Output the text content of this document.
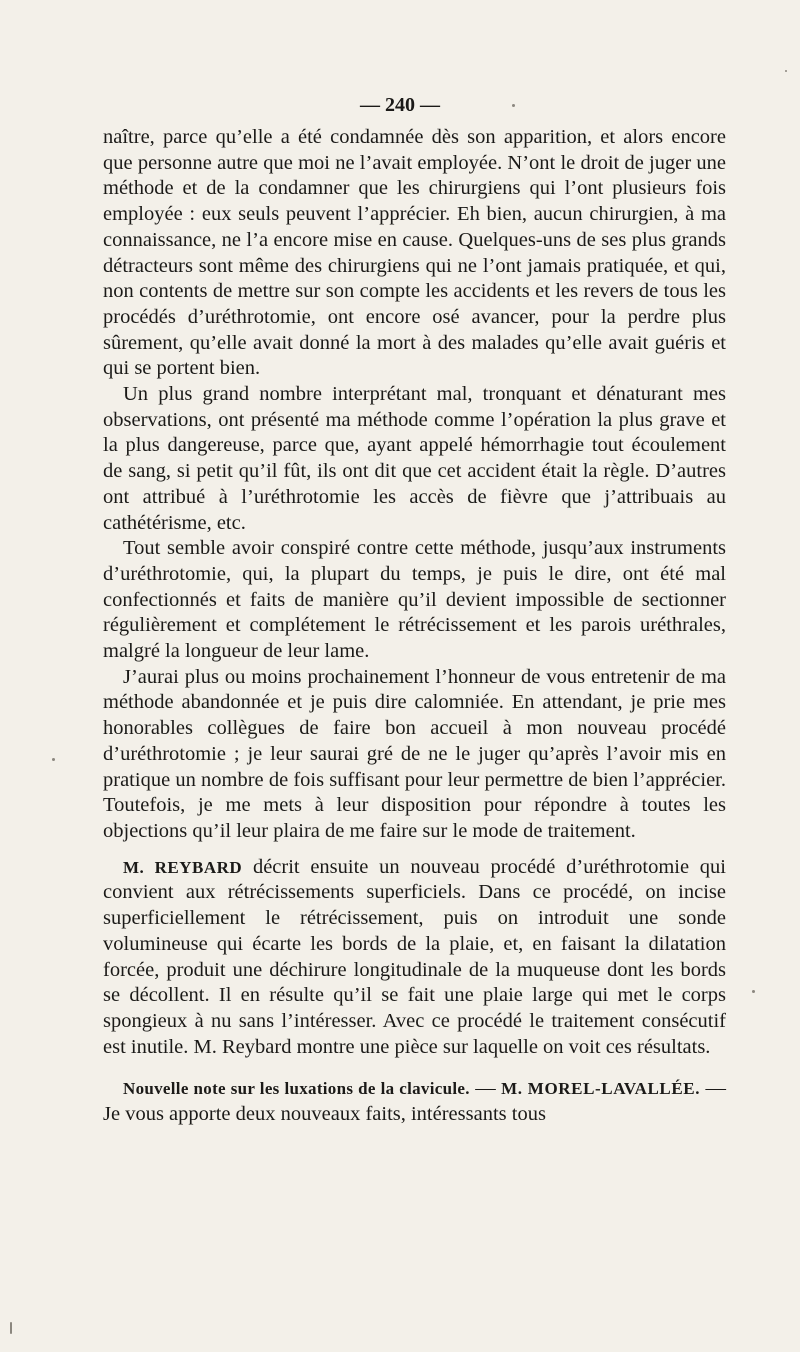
— 240 —

naître, parce qu’elle a été condamnée dès son apparition, et alors encore que personne autre que moi ne l’avait employée. N’ont le droit de juger une méthode et de la condamner que les chirurgiens qui l’ont plusieurs fois employée : eux seuls peuvent l’apprécier. Eh bien, aucun chirurgien, à ma connaissance, ne l’a encore mise en cause. Quelques-uns de ses plus grands détracteurs sont même des chirurgiens qui ne l’ont jamais pratiquée, et qui, non contents de mettre sur son compte les accidents et les revers de tous les procédés d’uréthrotomie, ont encore osé avancer, pour la perdre plus sûrement, qu’elle avait donné la mort à des malades qu’elle avait guéris et qui se portent bien.

Un plus grand nombre interprétant mal, tronquant et dénaturant mes observations, ont présenté ma méthode comme l’opération la plus grave et la plus dangereuse, parce que, ayant appelé hémorrhagie tout écoulement de sang, si petit qu’il fût, ils ont dit que cet accident était la règle. D’autres ont attribué à l’uréthrotomie les accès de fièvre que j’attribuais au cathétérisme, etc.

Tout semble avoir conspiré contre cette méthode, jusqu’aux instruments d’uréthrotomie, qui, la plupart du temps, je puis le dire, ont été mal confectionnés et faits de manière qu’il devient impossible de sectionner régulièrement et complétement le rétrécissement et les parois uréthrales, malgré la longueur de leur lame.

J’aurai plus ou moins prochainement l’honneur de vous entretenir de ma méthode abandonnée et je puis dire calomniée. En attendant, je prie mes honorables collègues de faire bon accueil à mon nouveau procédé d’uréthrotomie ; je leur saurai gré de ne le juger qu’après l’avoir mis en pratique un nombre de fois suffisant pour leur permettre de bien l’apprécier. Toutefois, je me mets à leur disposition pour répondre à toutes les objections qu’il leur plaira de me faire sur le mode de traitement.

M. REYBARD décrit ensuite un nouveau procédé d’uréthrotomie qui convient aux rétrécissements superficiels. Dans ce procédé, on incise superficiellement le rétrécissement, puis on introduit une sonde volumineuse qui écarte les bords de la plaie, et, en faisant la dilatation forcée, produit une déchirure longitudinale de la muqueuse dont les bords se décollent. Il en résulte qu’il se fait une plaie large qui met le corps spongieux à nu sans l’intéresser. Avec ce procédé le traitement consécutif est inutile. M. Reybard montre une pièce sur laquelle on voit ces résultats.

Nouvelle note sur les luxations de la clavicule. — M. MOREL-LAVALLÉE. — Je vous apporte deux nouveaux faits, intéressants tous
